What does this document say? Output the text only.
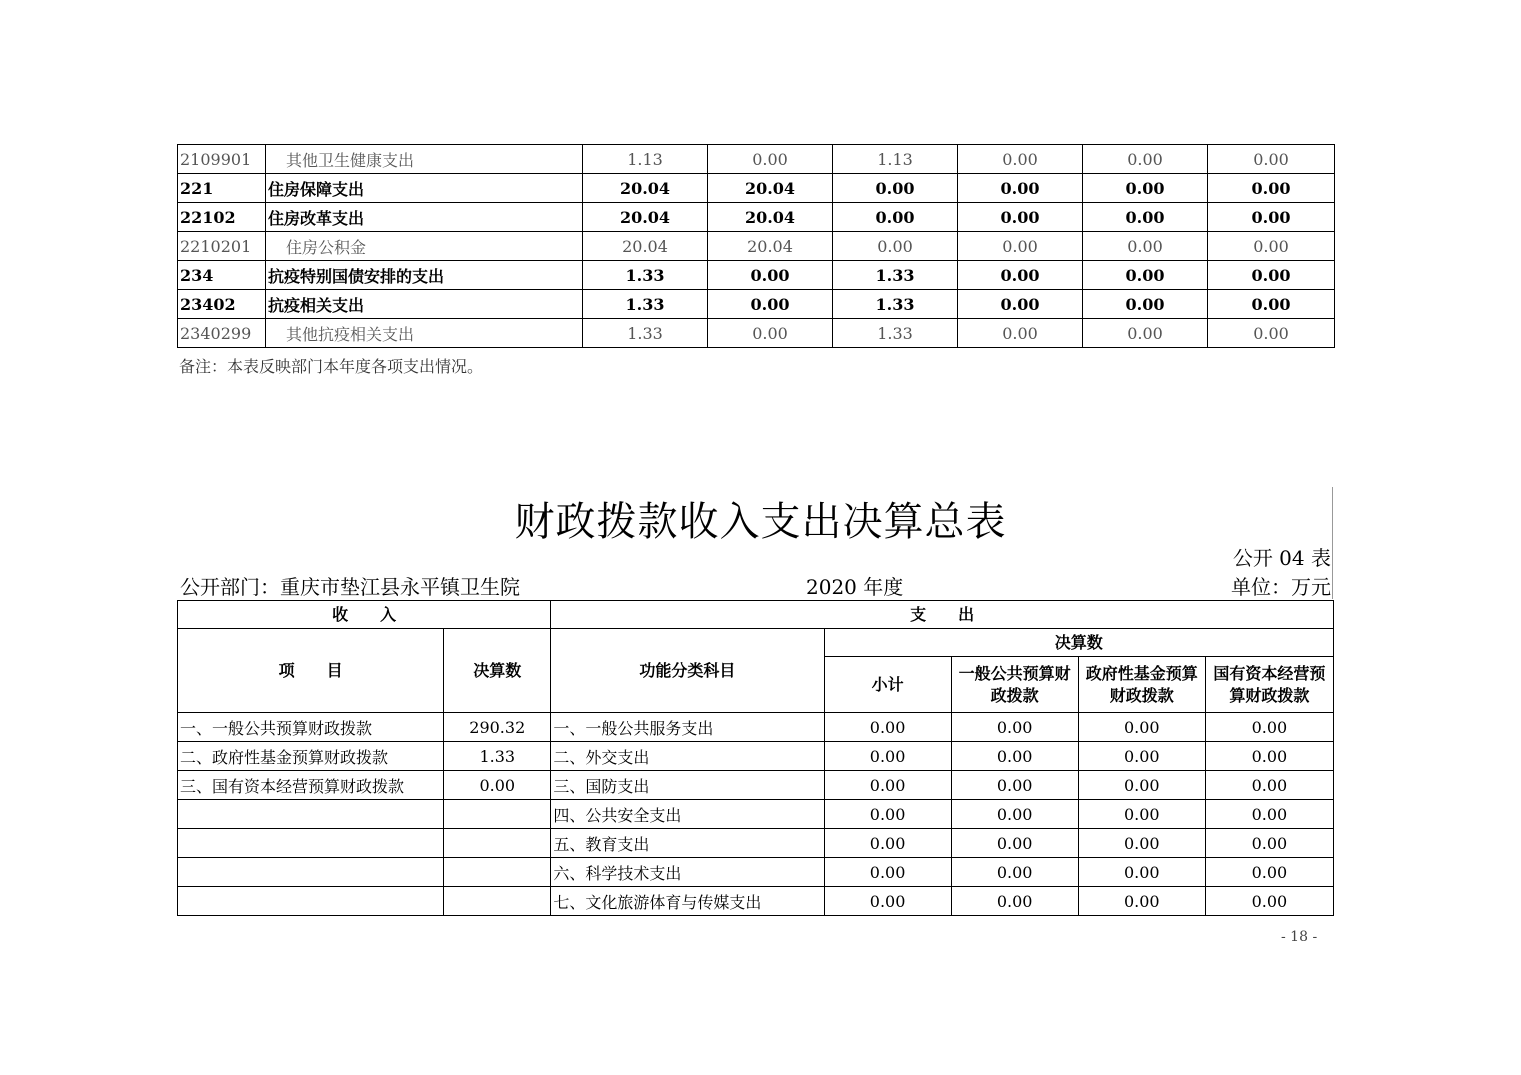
2109901	其他卫生健康支出	1.13	0.00	1.13	0.00	0.00	0.00
221	住房保障支出	20.04	20.04	0.00	0.00	0.00	0.00
22102	住房改革支出	20.04	20.04	0.00	0.00	0.00	0.00
2210201	住房公积金	20.04	20.04	0.00	0.00	0.00	0.00
234	抗疫特别国债安排的支出	1.33	0.00	1.33	0.00	0.00	0.00
23402	抗疫相关支出	1.33	0.00	1.33	0.00	0.00	0.00
2340299	其他抗疫相关支出	1.33	0.00	1.33	0.00	0.00	0.00
备注：本表反映部门本年度各项支出情况。
财政拨款收入支出决算总表
公开 04 表
公开部门：重庆市垫江县永平镇卫生院	2020 年度	单位：万元
收　　入		支　　出				
项　　目	决算数	功能分类科目	决算数			
			小计	一般公共预算财政拨款	政府性基金预算财政拨款	国有资本经营预算财政拨款
一、一般公共预算财政拨款	290.32	一、一般公共服务支出	0.00	0.00	0.00	0.00
二、政府性基金预算财政拨款	1.33	二、外交支出	0.00	0.00	0.00	0.00
三、国有资本经营预算财政拨款	0.00	三、国防支出	0.00	0.00	0.00	0.00
		四、公共安全支出	0.00	0.00	0.00	0.00
		五、教育支出	0.00	0.00	0.00	0.00
		六、科学技术支出	0.00	0.00	0.00	0.00
		七、文化旅游体育与传媒支出	0.00	0.00	0.00	0.00
- 18 -
